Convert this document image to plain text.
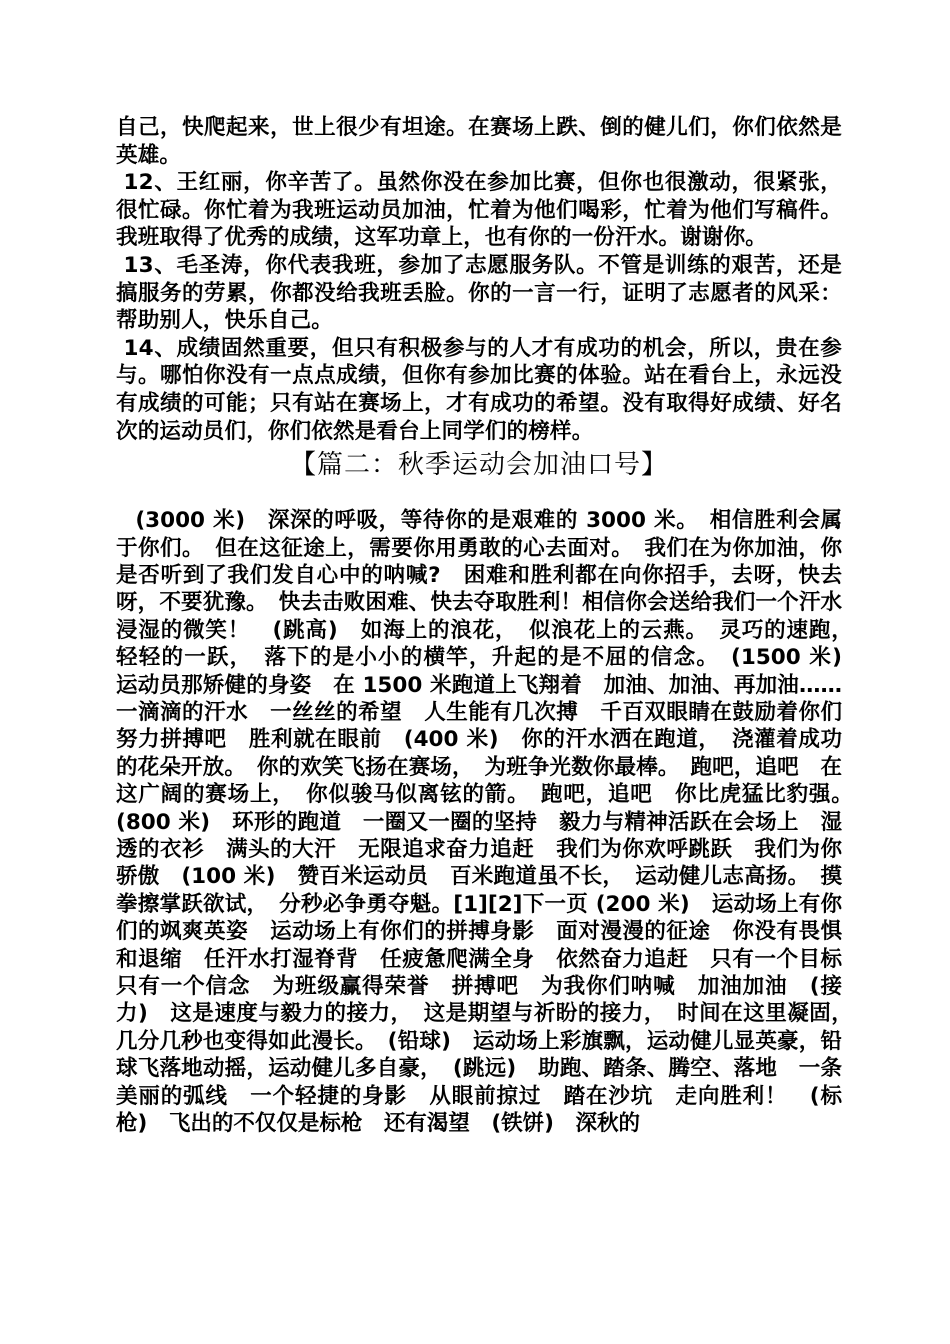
自己，快爬起来，世上很少有坦途。在赛场上跌、倒的健儿们，你们依然是英雄。

12、王红丽，你辛苦了。虽然你没在参加比赛，但你也很激动，很紧张，很忙碌。你忙着为我班运动员加油，忙着为他们喝彩，忙着为他们写稿件。我班取得了优秀的成绩，这军功章上，也有你的一份汗水。谢谢你。

13、毛圣涛，你代表我班，参加了志愿服务队。不管是训练的艰苦，还是搞服务的劳累，你都没给我班丢脸。你的一言一行，证明了志愿者的风采：帮助别人，快乐自己。

14、成绩固然重要，但只有积极参与的人才有成功的机会，所以，贵在参与。哪怕你没有一点点成绩，但你有参加比赛的体验。站在看台上，永远没有成绩的可能；只有站在赛场上，才有成功的希望。没有取得好成绩、好名次的运动员们，你们依然是看台上同学们的榜样。

【篇二：秋季运动会加油口号】

(3000 米)　深深的呼吸，等待你的是艰难的 3000 米。　相信胜利会属于你们。　但在这征途上，需要你用勇敢的心去面对。　我们在为你加油，你是否听到了我们发自心中的呐喊?　困难和胜利都在向你招手，去呀，快去呀，不要犹豫。　快去击败困难、快去夺取胜利！相信你会送给我们一个汗水浸湿的微笑！　(跳高)　如海上的浪花，　似浪花上的云燕。　灵巧的速跑，　轻轻的一跃，　落下的是小小的横竿，升起的是不屈的信念。　(1500 米)　运动员那矫健的身姿　在 1500 米跑道上飞翔着　加油、加油、再加油……　一滴滴的汗水　一丝丝的希望　人生能有几次搏　千百双眼睛在鼓励着你们　努力拼搏吧　胜利就在眼前　(400 米)　你的汗水洒在跑道，　浇灌着成功的花朵开放。　你的欢笑飞扬在赛场，　为班争光数你最棒。　跑吧，追吧　在这广阔的赛场上，　你似骏马似离铉的箭。　跑吧，追吧　你比虎猛比豹强。　(800 米)　环形的跑道　一圈又一圈的坚持　毅力与精神活跃在会场上　湿透的衣衫　满头的大汗　无限追求奋力追赶　我们为你欢呼跳跃　我们为你骄傲　(100 米)　赞百米运动员　百米跑道虽不长，　运动健儿志高扬。　摸拳擦掌跃欲试，　分秒必争勇夺魁。[1][2]下一页 (200 米)　运动场上有你们的飒爽英姿　运动场上有你们的拼搏身影　面对漫漫的征途　你没有畏惧和退缩　任汗水打湿脊背　任疲惫爬满全身　依然奋力追赶　只有一个目标　只有一个信念　为班级赢得荣誉　拼搏吧　为我你们呐喊　加油加油　(接力)　这是速度与毅力的接力，　这是期望与祈盼的接力，　时间在这里凝固，　几分几秒也变得如此漫长。　(铅球)　运动场上彩旗飘，运动健儿显英豪，铅球飞落地动摇，运动健儿多自豪，　(跳远)　助跑、踏条、腾空、落地　一条美丽的弧线　一个轻捷的身影　从眼前掠过　踏在沙坑　走向胜利！　(标枪)　飞出的不仅仅是标枪　还有渴望　(铁饼)　深秋的
